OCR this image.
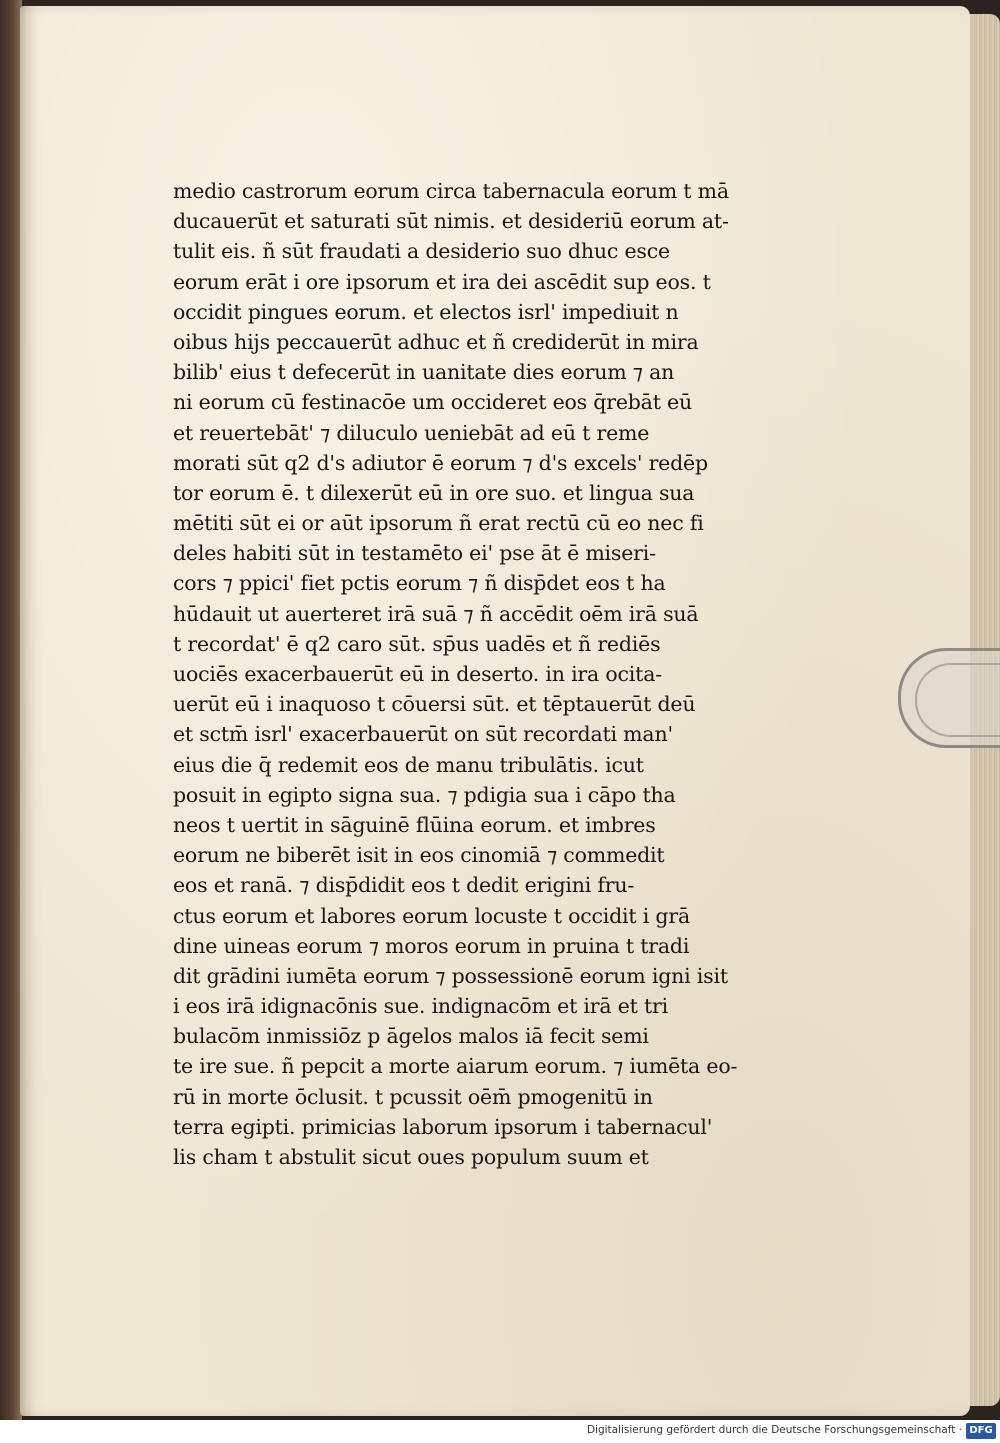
medio castrorum eorum circa tabernacula eorum t mā
ducauerūt et saturati sūt nimis. et desideriū eorum at-
tulit eis. ñ sūt fraudati a desiderio suo dhuc esce
eorum erāt i ore ipsorum et ira dei ascēdit sup eos. t
occidit pingues eorum. et electos isrl' impediuit n
oibus hijs peccauerūt adhuc et ñ crediderūt in mira
bilib' eius t defecerūt in uanitate dies eorum ⁊ an
ni eorum cū festinacōe um occideret eos q̄rebāt eū
et reuertebāt' ⁊ diluculo ueniebāt ad eū t reme
morati sūt q2 d's adiutor ē eorum ⁊ d's excels' redēp
tor eorum ē. t dilexerūt eū in ore suo. et lingua sua
mētiti sūt ei or aūt ipsorum ñ erat rectū cū eo nec fi
deles habiti sūt in testamēto ei' pse āt ē miseri-
cors ⁊ ppici' fiet pctis eorum ⁊ ñ disp̄det eos t ha
hūdauit ut auerteret irā suā ⁊ ñ accēdit oēm irā suā
t recordat' ē q2 caro sūt. sp̄us uadēs et ñ rediēs
uociēs exacerbauerūt eū in deserto. in ira ocita-
uerūt eū i inaquoso t cōuersi sūt. et tēptauerūt deū
et sctm̄ isrl' exacerbauerūt on sūt recordati man'
eius die q̄ redemit eos de manu tribulātis. icut
posuit in egipto signa sua. ⁊ pdigia sua i cāpo tha
neos t uertit in sāguinē flūina eorum. et imbres
eorum ne biberēt isit in eos cinomiā ⁊ commedit
eos et ranā. ⁊ disp̄didit eos t dedit erigini fru-
ctus eorum et labores eorum locuste t occidit i grā
dine uineas eorum ⁊ moros eorum in pruina t tradi
dit grādini iumēta eorum ⁊ possessionē eorum igni isit
i eos irā idignacōnis sue. indignacōm et irā et tri
bulacōm inmissiōz p āgelos malos iā fecit semi
te ire sue. ñ pepcit a morte aiarum eorum. ⁊ iumēta eo-
rū in morte ōclusit. t pcussit oēm̄ pmogenitū in
terra egipti. primicias laborum ipsorum i tabernacul'
lis cham t abstulit sicut oues populum suum et
Digitalisierung gefördert durch die Deutsche Forschungsgemeinschaft · DFG
